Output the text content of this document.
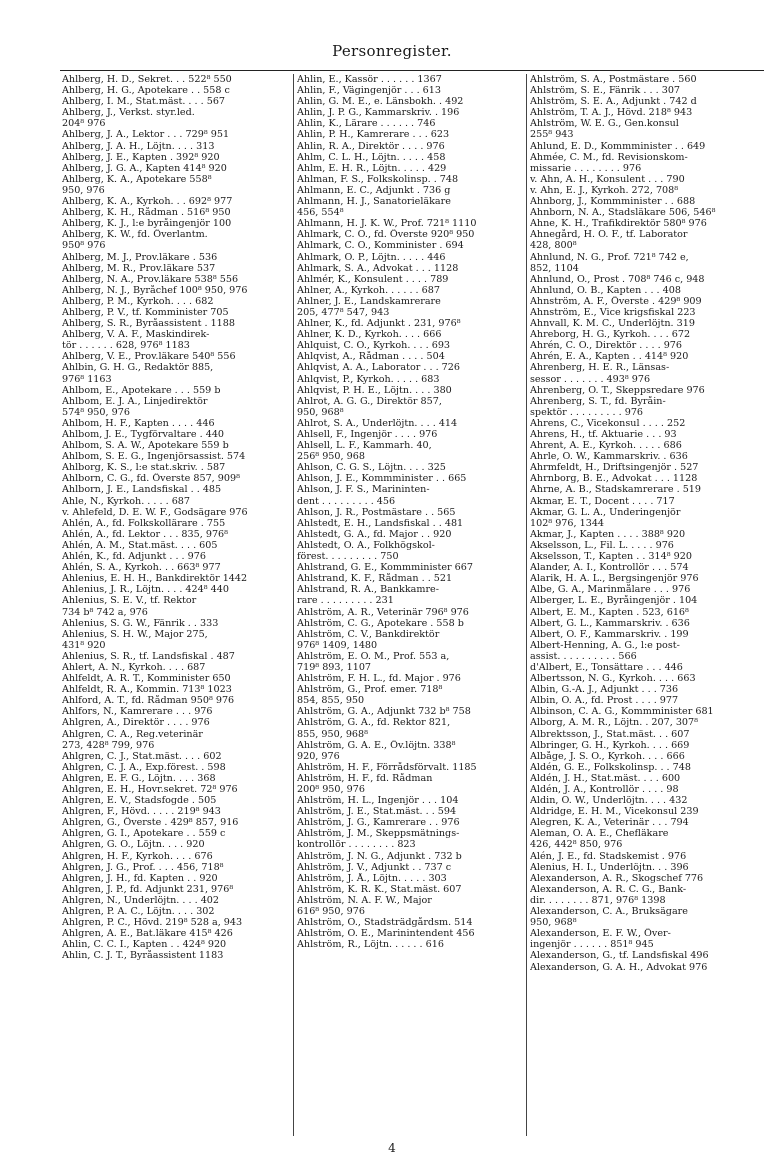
Personregister.
Ahlberg, H. D., Sekret. . . 522⁸ 550
Ahlberg, H. G., Apotekare . . 558 c
Ahlberg, I. M., Stat.mäst. . . . 567
Ahlberg, J., Verkst. styr.led.
204⁸ 976
Ahlberg, J. A., Lektor . . . 729⁸ 951
Ahlberg, J. A. H., Löjtn. . . . 313
Ahlberg, J. E., Kapten . 392⁸ 920
Ahlberg, J. G. A., Kapten 414⁸ 920
Ahlberg, K. A., Apotekare 558⁸
950, 976
Ahlberg, K. A., Kyrkoh. . . 692⁸ 977
Ahlberg, K. H., Rådman . 516⁸ 950
Ahlberg, K. J., l:e byråingenjör 100
Ahlberg, K. W., fd. Överlantm.
950⁸ 976
Ahlberg, M. J., Prov.läkare . 536
Ahlberg, M. R., Prov.läkare 537
Ahlberg, N. A., Prov.läkare 538⁸ 556
Ahlberg, N. J., Byråchef 100⁸ 950, 976
Ahlberg, P. M., Kyrkoh. . . . 682
Ahlberg, P. V., tf. Komminister 705
Ahlberg, S. R., Byråassistent . 1188
Ahlberg, V. A. F., Maskindirek-
tör . . . . . . 628, 976⁸ 1183
Ahlberg, V. E., Prov.läkare 540⁸ 556
Ahlbin, G. H. G., Redaktör 885,
976⁸ 1163
Ahlbom, E., Apotekare . . . 559 b
Ahlbom, E. J. A., Linjedirektör
574⁸ 950, 976
Ahlbom, H. F., Kapten . . . . 446
Ahlbom, J. E., Tygförvaltare . 440
Ahlbom, S. A. W., Apotekare 559 b
Ahlbom, S. E. G., Ingenjörsassist. 574
Ahlborg, K. S., l:e stat.skriv. . 587
Ahlborn, C. G., fd. Överste 857, 909⁸
Ahlborn, J. E., Landsfiskal . . 485
Ahle, N., Kyrkoh. . . . . 687
v. Ahlefeld, D. E. W. F., Godsägare 976
Ahlén, A., fd. Folkskollärare . 755
Ahlén, A., fd. Lektor . . . 835, 976⁸
Ahlén, A. M., Stat.mäst. . . . 605
Ahlén, K., fd. Adjunkt . . . 976
Ahlén, S. A., Kyrkoh. . . 663⁸ 977
Ahlenius, E. H. H., Bankdirektör 1442
Ahlenius, J. R., Löjtn. . . . 424⁸ 440
Ahlenius, S. E. V., tf. Rektor
734 b⁸ 742 a, 976
Ahlenius, S. G. W., Fänrik . . 333
Ahlenius, S. H. W., Major 275,
431⁸ 920
Ahlenius, S. R., tf. Landsfiskal . 487
Ahlert, A. N., Kyrkoh. . . . 687
Ahlfeldt, A. R. T., Komminister 650
Ahlfeldt, R. A., Kommin. 713⁸ 1023
Ahlford, A. T., fd. Rådman 950⁸ 976
Ahlfors, N., Kamrerare . . . 976
Ahlgren, A., Direktör . . . . 976
Ahlgren, C. A., Reg.veterinär
273, 428⁸ 799, 976
Ahlgren, C. J., Stat.mäst. . . . 602
Ahlgren, C. J. A., Exp.förest. . 598
Ahlgren, E. F. G., Löjtn. . . . 368
Ahlgren, E. H., Hovr.sekret. 72⁸ 976
Ahlgren, E. V., Stadsfogde . 505
Ahlgren, F., Hövd. . . . . 219⁸ 943
Ahlgren, G., Överste . 429⁸ 857, 916
Ahlgren, G. I., Apotekare . . 559 c
Ahlgren, G. O., Löjtn. . . . 920
Ahlgren, H. F., Kyrkoh. . . . 676
Ahlgren, J. G., Prof. . . . 456, 718⁸
Ahlgren, J. H., fd. Kapten . . 920
Ahlgren, J. P., fd. Adjunkt 231, 976⁸
Ahlgren, N., Underlöjtn. . . . 402
Ahlgren, P. A. C., Löjtn. . . . 302
Ahlgren, P. C., Hövd. 219⁸ 528 a, 943
Ahlgren, A. E., Bat.läkare 415⁸ 426
Ahlin, C. C. I., Kapten . . 424⁸ 920
Ahlin, C. J. T., Byråassistent 1183
Ahlin, E., Kassör . . . . . . 1367
Ahlin, F., Vägingenjör . . . 613
Ahlin, G. M. E., e. Länsbokh. . 492
Ahlin, J. P. G., Kammarskriv. . 196
Ahlin, K., Lärare . . . . . . 746
Ahlin, P. H., Kamrerare . . . 623
Ahlin, R. A., Direktör . . . . 976
Ahlm, C. L. H., Löjtn. . . . . 458
Ahlm, E. H. R., Löjtn. . . . . 429
Ahlman, F. S., Folkskolinsp. . 748
Ahlmann, E. C., Adjunkt . 736 g
Ahlmann, H. J., Sanatorieläkare
456, 554⁸
Ahlmann, H. J. K. W., Prof. 721⁸ 1110
Ahlmark, C. O., fd. Överste 920⁸ 950
Ahlmark, C. O., Komminister . 694
Ahlmark, O. P., Löjtn. . . . . 446
Ahlmark, S. A., Advokat . . . 1128
Ahlmér, K., Konsulent . . . . 789
Ahlner, A., Kyrkoh. . . . . . 687
Ahlner, J. E., Landskamrerare
205, 477⁸ 547, 943
Ahlner, K., fd. Adjunkt . 231, 976⁸
Ahlner, K. D., Kyrkoh. . . . 666
Ahlquist, C. O., Kyrkoh. . . . 693
Ahlqvist, A., Rådman . . . . 504
Ahlqvist, A. A., Laborator . . . 726
Ahlqvist, P., Kyrkoh. . . . . 683
Ahlqvist, P. H. E., Löjtn. . . . 380
Ahlrot, A. G. G., Direktör 857,
950, 968⁸
Ahlrot, S. A., Underlöjtn. . . . 414
Ahlsell, F., Ingenjör . . . . 976
Ahlsell, L. F., Kammarh. 40,
256⁸ 950, 968
Ahlson, C. G. S., Löjtn. . . . 325
Ahlson, J. E., Kommminister . . 665
Ahlson, J. F. S., Marininten-
dent . . . . . . . . . 456
Ahlson, J. R., Postmästare . . 565
Ahlstedt, E. H., Landsfiskal . . 481
Ahlstedt, G. A., fd. Major . . 920
Ahlstedt, O. A., Folkhögskol-
förest. . . . . . . . . 750
Ahlstrand, G. E., Kommminister 667
Ahlstrand, K. F., Rådman . . 521
Ahlstrand, R. A., Bankkamre-
rare . . . . . . . . . 231
Ahlström, A. R., Veterinär 796⁸ 976
Ahlström, C. G., Apotekare . 558 b
Ahlström, C. V., Bankdirektör
976⁸ 1409, 1480
Ahlström, E. O. M., Prof. 553 a,
719⁸ 893, 1107
Ahlström, F. H. L., fd. Major . 976
Ahlström, G., Prof. emer. 718⁸
854, 855, 950
Ahlström, G. A., Adjunkt 732 b⁸ 758
Ahlström, G. A., fd. Rektor 821,
855, 950, 968⁸
Ahlström, G. A. E., Öv.löjtn. 338⁸
920, 976
Ahlström, H. F., Förrådsförvalt. 1185
Ahlström, H. F., fd. Rådman
200⁸ 950, 976
Ahlström, H. L., Ingenjör . . . 104
Ahlström, J. E., Stat.mäst. . . 594
Ahlström, J. G., Kamrerare . . 976
Ahlström, J. M., Skeppsmätnings-
kontrollör . . . . . . . . 823
Ahlström, J. N. G., Adjunkt . 732 b
Ahlström, J. V., Adjunkt . . 737 c
Ahlström, J. Å., Löjtn. . . . . 303
Ahlström, K. R. K., Stat.mäst. 607
Ahlström, N. A. F. W., Major
616⁸ 950, 976
Ahlström, O., Stadsträdgårdsm. 514
Ahlström, O. E., Marinintendent 456
Ahlström, R., Löjtn. . . . . . 616
Ahlström, S. A., Postmästare . 560
Ahlström, S. E., Fänrik . . . 307
Ahlström, S. E. A., Adjunkt . 742 d
Ahlström, T. A. J., Hövd. 218⁸ 943
Ahlström, W. E. G., Gen.konsul
255⁸ 943
Ahlund, E. D., Kommminister . . 649
Ahmée, C. M., fd. Revisionskom-
missarie . . . . . . . . 976
v. Ahn, A. H., Konsulent . . . 790
v. Ahn, E. J., Kyrkoh. 272, 708⁸
Ahnborg, J., Kommminister . . 688
Ahnborn, N. A., Stadsläkare 506, 546⁸
Ahne, K. H., Trafikdirektör 580⁸ 976
Ahnegård, H. O. F., tf. Laborator
428, 800⁸
Ahnlund, N. G., Prof. 721⁸ 742 e,
852, 1104
Ahnlund, O., Prost . 708⁸ 746 c, 948
Ahnlund, O. B., Kapten . . . 408
Ahnström, A. F., Överste . 429⁸ 909
Ahnström, E., Vice krigsfiskal 223
Ahnvall, K. M. C., Underlöjtn. 319
Ahreborg, H. G., Kyrkoh. . . . 672
Ahrén, C. O., Direktör . . . . 976
Ahrén, E. A., Kapten . . 414⁸ 920
Ahrenberg, H. E. R., Länsas-
sessor . . . . . . . 493⁸ 976
Ahrenberg, O. T., Skeppsredare 976
Ahrenberg, S. T., fd. Byråin-
spektör . . . . . . . . . 976
Ahrens, C., Vicekonsul . . . . 252
Ahrens, H., tf. Aktuarie . . . 93
Ahrent, A. E., Kyrkoh. . . . . 686
Ahrle, O. W., Kammarskriv. . 636
Ahrmfeldt, H., Driftsingenjör . 527
Ahrnborg, B. E., Advokat . . . 1128
Ahrne, A. B., Stadskamrerare . 519
Akmar, E. T., Docent . . . . 717
Akmar, G. L. A., Underingenjör
102⁸ 976, 1344
Akmar, J., Kapten . . . . 388⁸ 920
Akselsson, L., Fil. L. . . . . 976
Akselsson, T., Kapten . . 314⁸ 920
Alander, A. I., Kontrollör . . . 574
Alarik, H. A. L., Bergsingenjör 976
Albe, G. A., Marinmålare . . . 976
Alberger, L. E., Byråingenjör . 104
Albert, E. M., Kapten . 523, 616⁸
Albert, G. L., Kammarskriv. . 636
Albert, O. F., Kammarskriv. . 199
Albert-Henning, A. G., l:e post-
assist. . . . . . . . . . 566
d'Albert, E., Tonsättare . . . 446
Albertsson, N. G., Kyrkoh. . . . 663
Albin, G.-A. J., Adjunkt . . . 736
Albin, O. A., fd. Prost . . . . 977
Albinson, C. A. G., Kommminister 681
Alborg, A. M. R., Löjtn. . 207, 307⁸
Albrektsson, J., Stat.mäst. . . 607
Albringer, G. H., Kyrkoh. . . . 669
Albåge, J. S. O., Kyrkoh. . . . 666
Aldén, G. E., Folkskolinsp. . . 748
Aldén, J. H., Stat.mäst. . . . 600
Aldén, J. A., Kontrollör . . . . 98
Aldin, O. W., Underlöjtn. . . . 432
Aldridge, E. H. M., Vicekonsul 239
Alegren, K. A., Veterinär . . . 794
Aleman, O. A. E., Chefläkare
426, 442⁸ 850, 976
Alén, J. E., fd. Stadskemist . 976
Alenius, H. I., Underlöjtn. . . 396
Alexanderson, A. R., Skogschef 776
Alexanderson, A. R. C. G., Bank-
dir. . . . . . . . 871, 976⁸ 1398
Alexanderson, C. A., Bruksägare
950, 968⁸
Alexanderson, E. F. W., Över-
ingenjör . . . . . . 851⁸ 945
Alexanderson, G., tf. Landsfiskal 496
Alexanderson, G. A. H., Advokat 976
4
